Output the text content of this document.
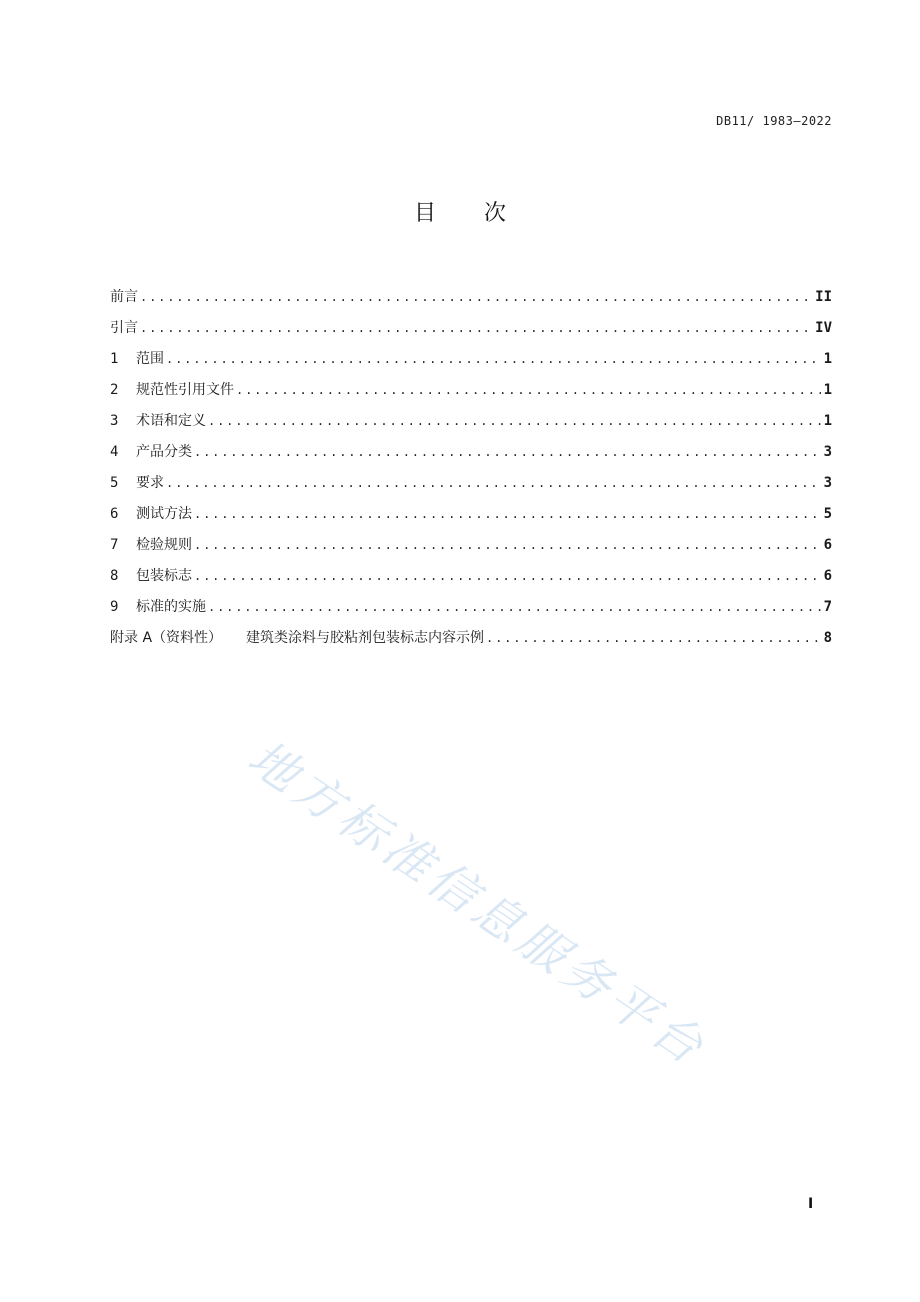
DB11/ 1983—2022
目 次
前言 .....	II
引言 .....	IV
1	范围 .....	1
2	规范性引用文件 .....	1
3	术语和定义 .....	1
4	产品分类 .....	3
5	要求 .....	3
6	测试方法 .....	5
7	检验规则 .....	6
8	包装标志 .....	6
9	标准的实施 .....	7
附录 A（资料性） 建筑类涂料与胶粘剂包装标志内容示例 .....	8
地方标准信息服务平台
I
